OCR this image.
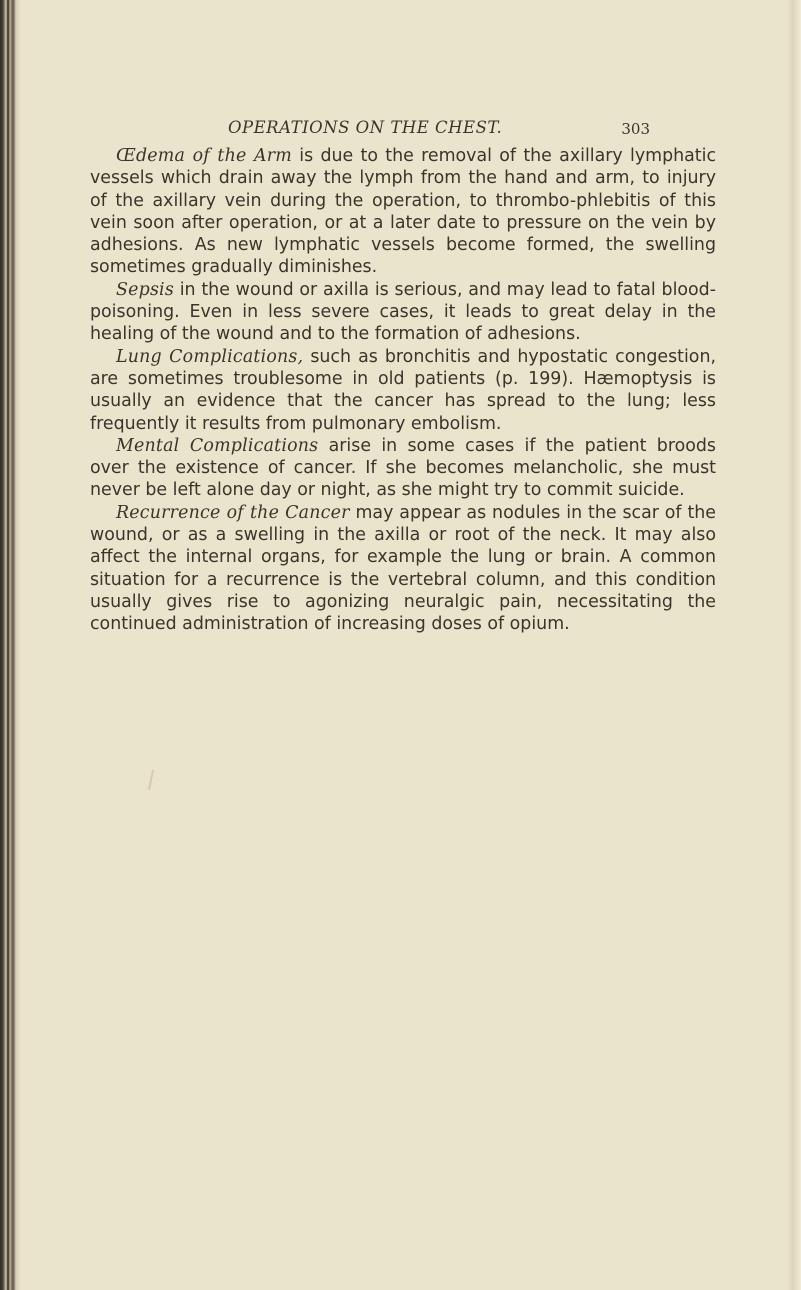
OPERATIONS ON THE CHEST.	303

Œdema of the Arm is due to the removal of the axillary lymphatic vessels which drain away the lymph from the hand and arm, to injury of the axillary vein during the operation, to thrombo-phlebitis of this vein soon after operation, or at a later date to pressure on the vein by adhesions. As new lymphatic vessels become formed, the swelling sometimes gradually diminishes.

Sepsis in the wound or axilla is serious, and may lead to fatal blood-poisoning. Even in less severe cases, it leads to great delay in the healing of the wound and to the formation of adhesions.

Lung Complications, such as bronchitis and hypostatic congestion, are sometimes troublesome in old patients (p. 199). Hæmoptysis is usually an evidence that the cancer has spread to the lung; less frequently it results from pulmonary embolism.

Mental Complications arise in some cases if the patient broods over the existence of cancer. If she becomes melancholic, she must never be left alone day or night, as she might try to commit suicide.

Recurrence of the Cancer may appear as nodules in the scar of the wound, or as a swelling in the axilla or root of the neck. It may also affect the internal organs, for example the lung or brain. A common situation for a recurrence is the vertebral column, and this condition usually gives rise to agonizing neuralgic pain, necessitating the continued administration of increasing doses of opium.
